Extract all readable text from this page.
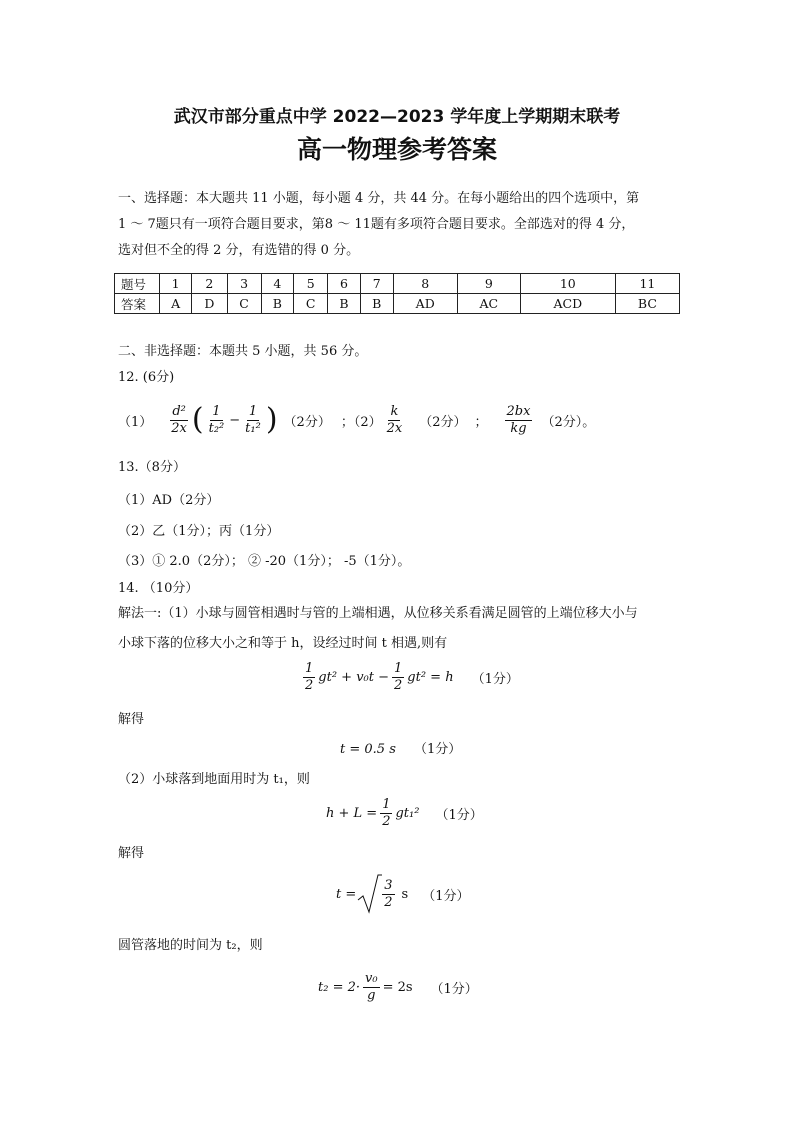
武汉市部分重点中学 2022—2023 学年度上学期期末联考
高一物理参考答案
一、选择题：本大题共 11 小题，每小题 4 分，共 44 分。在每小题给出的四个选项中，第
1 ～ 7题只有一项符合题目要求，第8 ～ 11题有多项符合题目要求。全部选对的得 4 分，
选对但不全的得 2 分，有选错的得 0 分。
题号	1	2	3	4	5	6	7	8	9	10	11
答案	A	D	C	B	C	B	B	AD	AC	ACD	BC
二、非选择题：本题共 5 小题，共 56 分。
12. (6分)
$(1) \frac{\text{d²}}{2x}$ ( $\frac{1}{\text{t₂²}} - \frac{1}{\text{t₁²}}$ ) （2分） ；$(2) \frac{k}{2x} (2$分） ； $\frac{2bx}{kg} (2$分）。
13.（8分）
（1）AD（2分）
（2）乙（1分）；丙（1分）
（3）① 2.0（2分）； ② -20（1分）； -5（1分）。
14. （10分）
解法一:（1）小球与圆管相遇时与管的上端相遇，从位移关系看满足圆管的上端位移大小与
小球下落的位移大小之和等于 h，设经过时间 t 相遇,则有
$\frac{1}{2} gt^2 + v_0t - \frac{1}{2} gt^2 = h$ （1分）
解得
t = 0.5 s （1分）
（2）小球落到地面用时为 t₁，则
$h + L = \frac{1}{2} gt_1^2$ （1分）
解得
$t = \frac{3}{2}$ s （1分）
圆管落地的时间为 t₂，则
$t_2 = 2\cdot \frac{\text{v₀}}{g} = 2s$ （1分）
